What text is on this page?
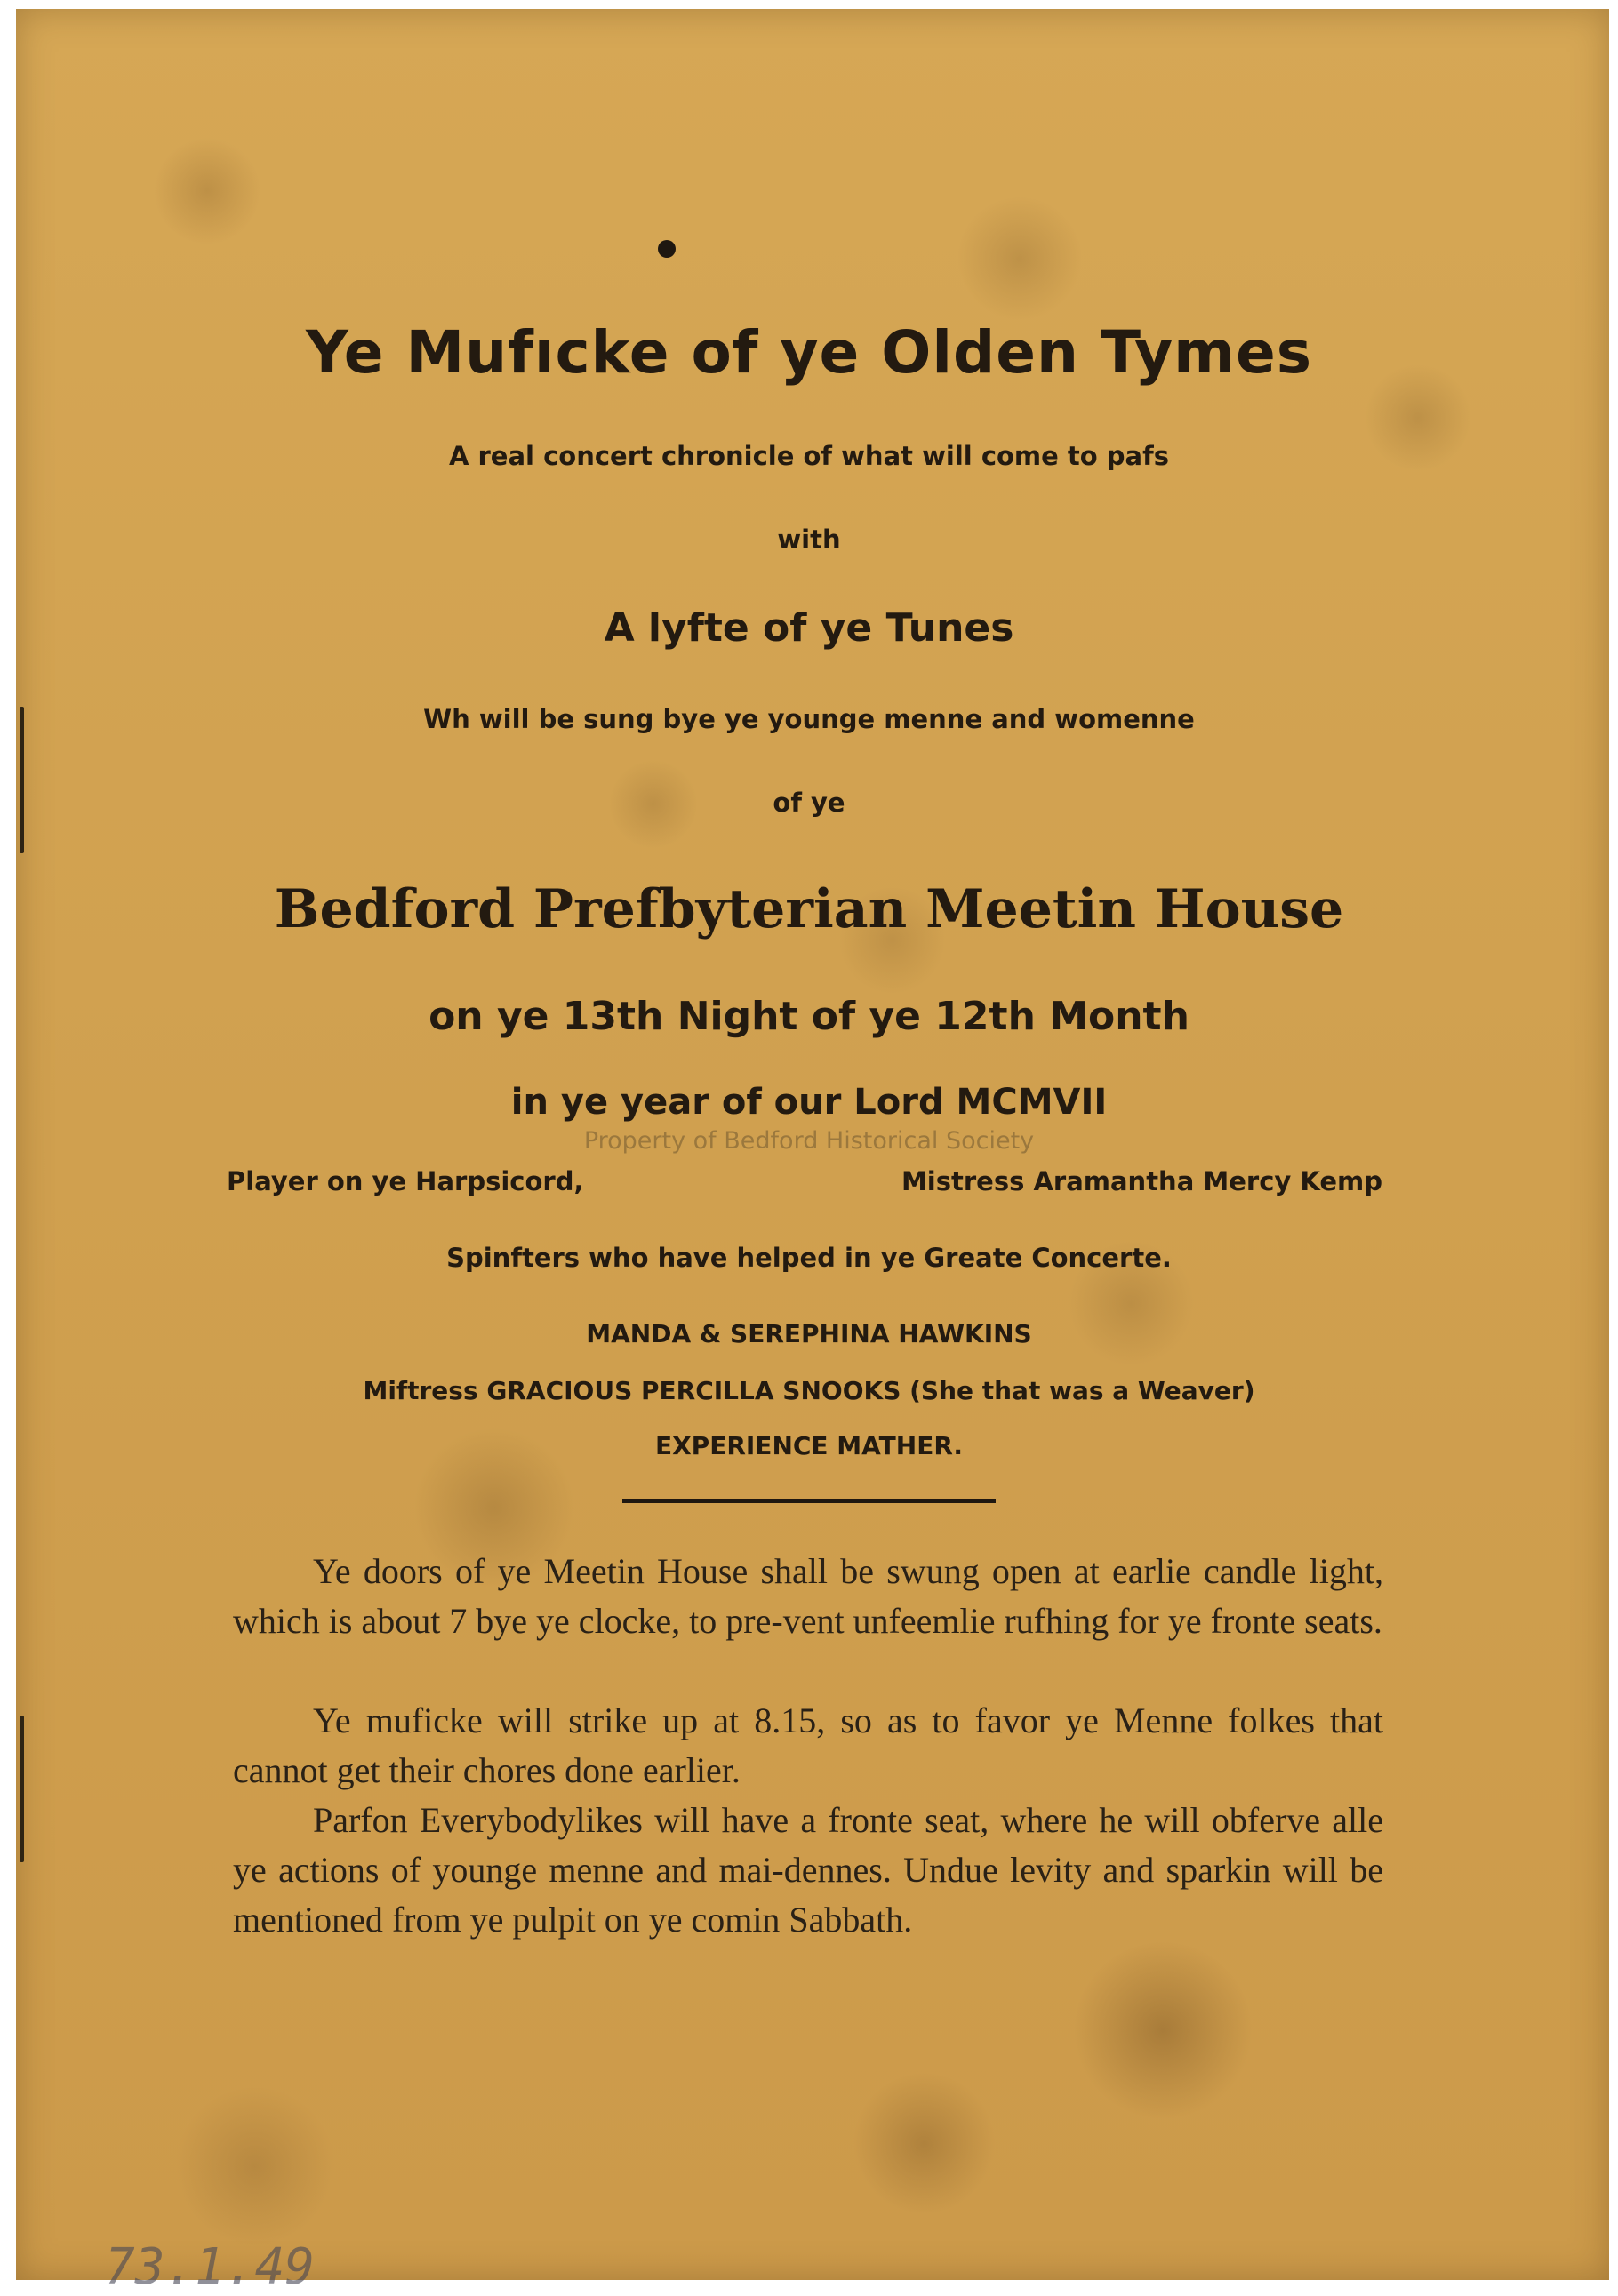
Ye Mufıcke of ye Olden Tymes

A real concert chronicle of what will come to pafs

with

A lyfte of ye Tunes

Wh will be sung bye ye younge menne and womenne

of ye

Bedford Prefbyterian Meetin House

on ye 13th Night of ye 12th Month

in ye year of our Lord MCMVII

Property of Bedford Historical Society
Player on ye Harpsicord,	Mistress Aramantha Mercy Kemp

Spinfters who have helped in ye Greate Concerte.

MANDA & SEREPHINA HAWKINS

Miftress GRACIOUS PERCILLA SNOOKS (She that was a Weaver)

EXPERIENCE MATHER.

Ye doors of ye Meetin House shall be swung open at earlie candle light, which is about 7 bye ye clocke, to pre-vent unfeemlie rufhing for ye fronte seats.

Ye muficke will strike up at 8.15, so as to favor ye Menne folkes that cannot get their chores done earlier.

Parfon Everybodylikes will have a fronte seat, where he will obferve alle ye actions of younge menne and mai-dennes. Undue levity and sparkin will be mentioned from ye pulpit on ye comin Sabbath.

73.1.49
